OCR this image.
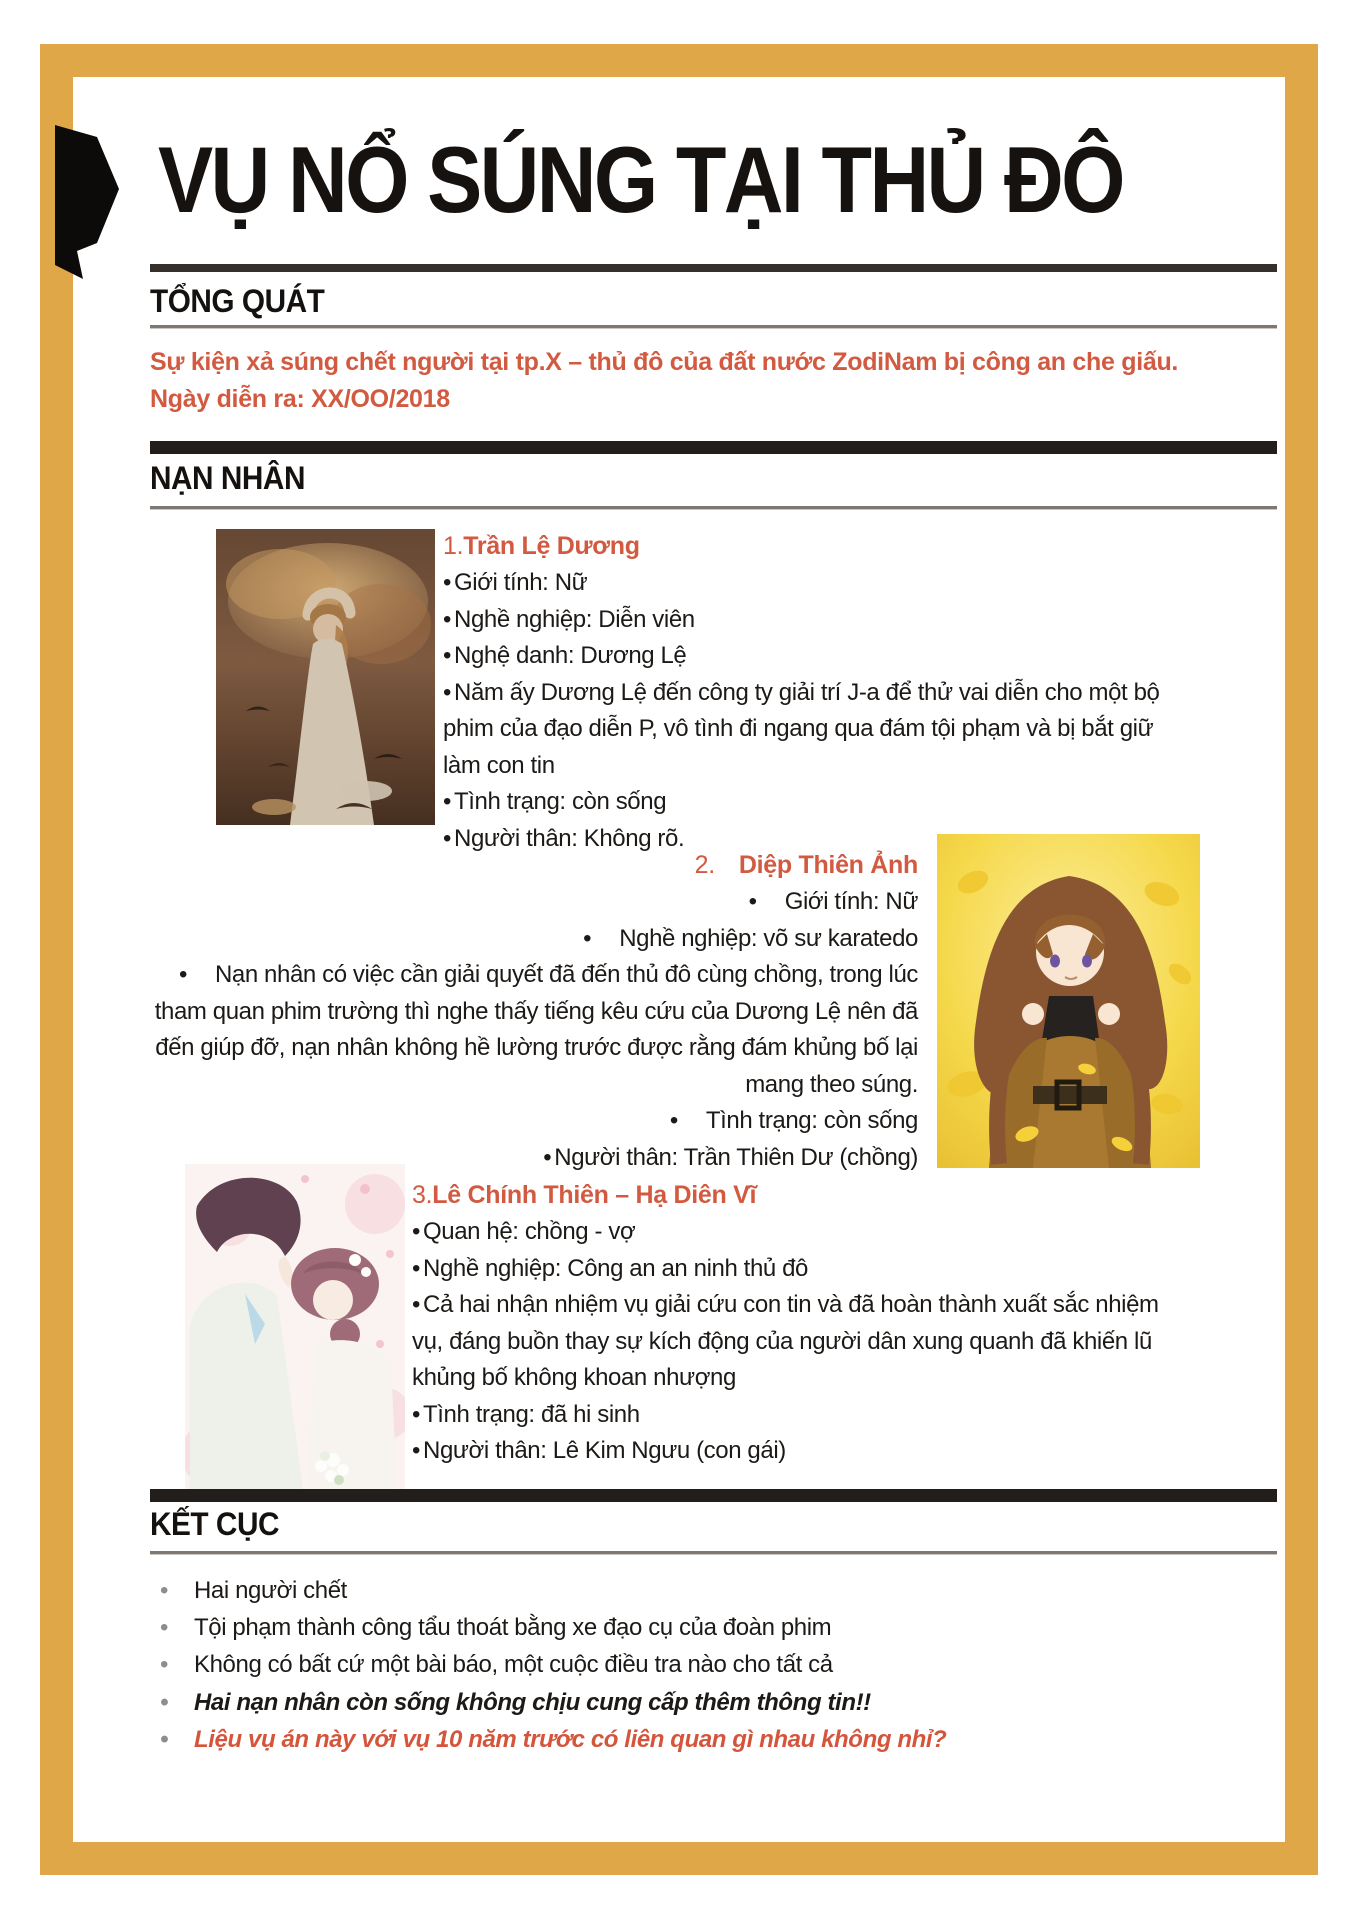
VỤ NỔ SÚNG TẠI THỦ ĐÔ
TỔNG QUÁT
Sự kiện xả súng chết người tại tp.X – thủ đô của đất nước ZodiNam bị công an che giấu.
Ngày diễn ra: XX/OO/2018
NẠN NHÂN
1.Trần Lệ Dương
• Giới tính: Nữ
• Nghề nghiệp: Diễn viên
• Nghệ danh: Dương Lệ
• Năm ấy Dương Lệ đến công ty giải trí J-a để thử vai diễn cho một bộ phim của đạo diễn P, vô tình đi ngang qua đám tội phạm và bị bắt giữ làm con tin
• Tình trạng: còn sống
• Người thân: Không rõ.
2. Diệp Thiên Ảnh
• Giới tính: Nữ
• Nghề nghiệp: võ sư karatedo
• Nạn nhân có việc cần giải quyết đã đến thủ đô cùng chồng, trong lúc tham quan phim trường thì nghe thấy tiếng kêu cứu của Dương Lệ nên đã đến giúp đỡ, nạn nhân không hề lường trước được rằng đám khủng bố lại mang theo súng.
• Tình trạng: còn sống
• Người thân: Trần Thiên Dư (chồng)
3.Lê Chính Thiên – Hạ Diên Vĩ
• Quan hệ: chồng - vợ
• Nghề nghiệp: Công an an ninh thủ đô
• Cả hai nhận nhiệm vụ giải cứu con tin và đã hoàn thành xuất sắc nhiệm vụ, đáng buồn thay sự kích động của người dân xung quanh đã khiến lũ khủng bố không khoan nhượng
• Tình trạng: đã hi sinh
• Người thân: Lê Kim Ngưu (con gái)
KẾT CỤC
• Hai người chết
• Tội phạm thành công tẩu thoát bằng xe đạo cụ của đoàn phim
• Không có bất cứ một bài báo, một cuộc điều tra nào cho tất cả
• Hai nạn nhân còn sống không chịu cung cấp thêm thông tin!!
• Liệu vụ án này với vụ 10 năm trước có liên quan gì nhau không nhỉ?
